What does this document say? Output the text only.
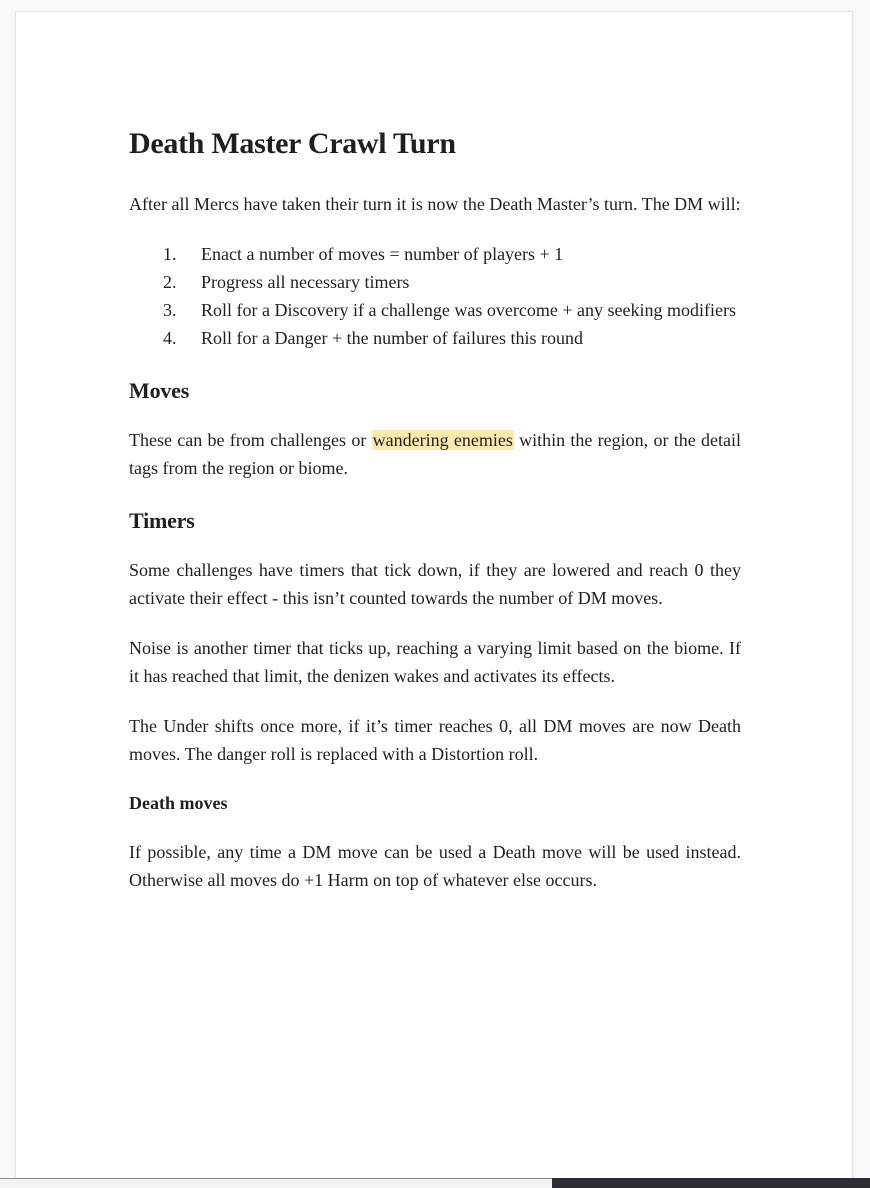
Death Master Crawl Turn

After all Mercs have taken their turn it is now the Death Master’s turn. The DM will:

1. Enact a number of moves = number of players + 1
2. Progress all necessary timers
3. Roll for a Discovery if a challenge was overcome + any seeking modifiers
4. Roll for a Danger + the number of failures this round
Moves

These can be from challenges or wandering enemies within the region, or the detail tags from the region or biome.

Timers

Some challenges have timers that tick down, if they are lowered and reach 0 they activate their effect - this isn’t counted towards the number of DM moves.

Noise is another timer that ticks up, reaching a varying limit based on the biome. If it has reached that limit, the denizen wakes and activates its effects.

The Under shifts once more, if it’s timer reaches 0, all DM moves are now Death moves. The danger roll is replaced with a Distortion roll.

Death moves

If possible, any time a DM move can be used a Death move will be used instead. Otherwise all moves do +1 Harm on top of whatever else occurs.
